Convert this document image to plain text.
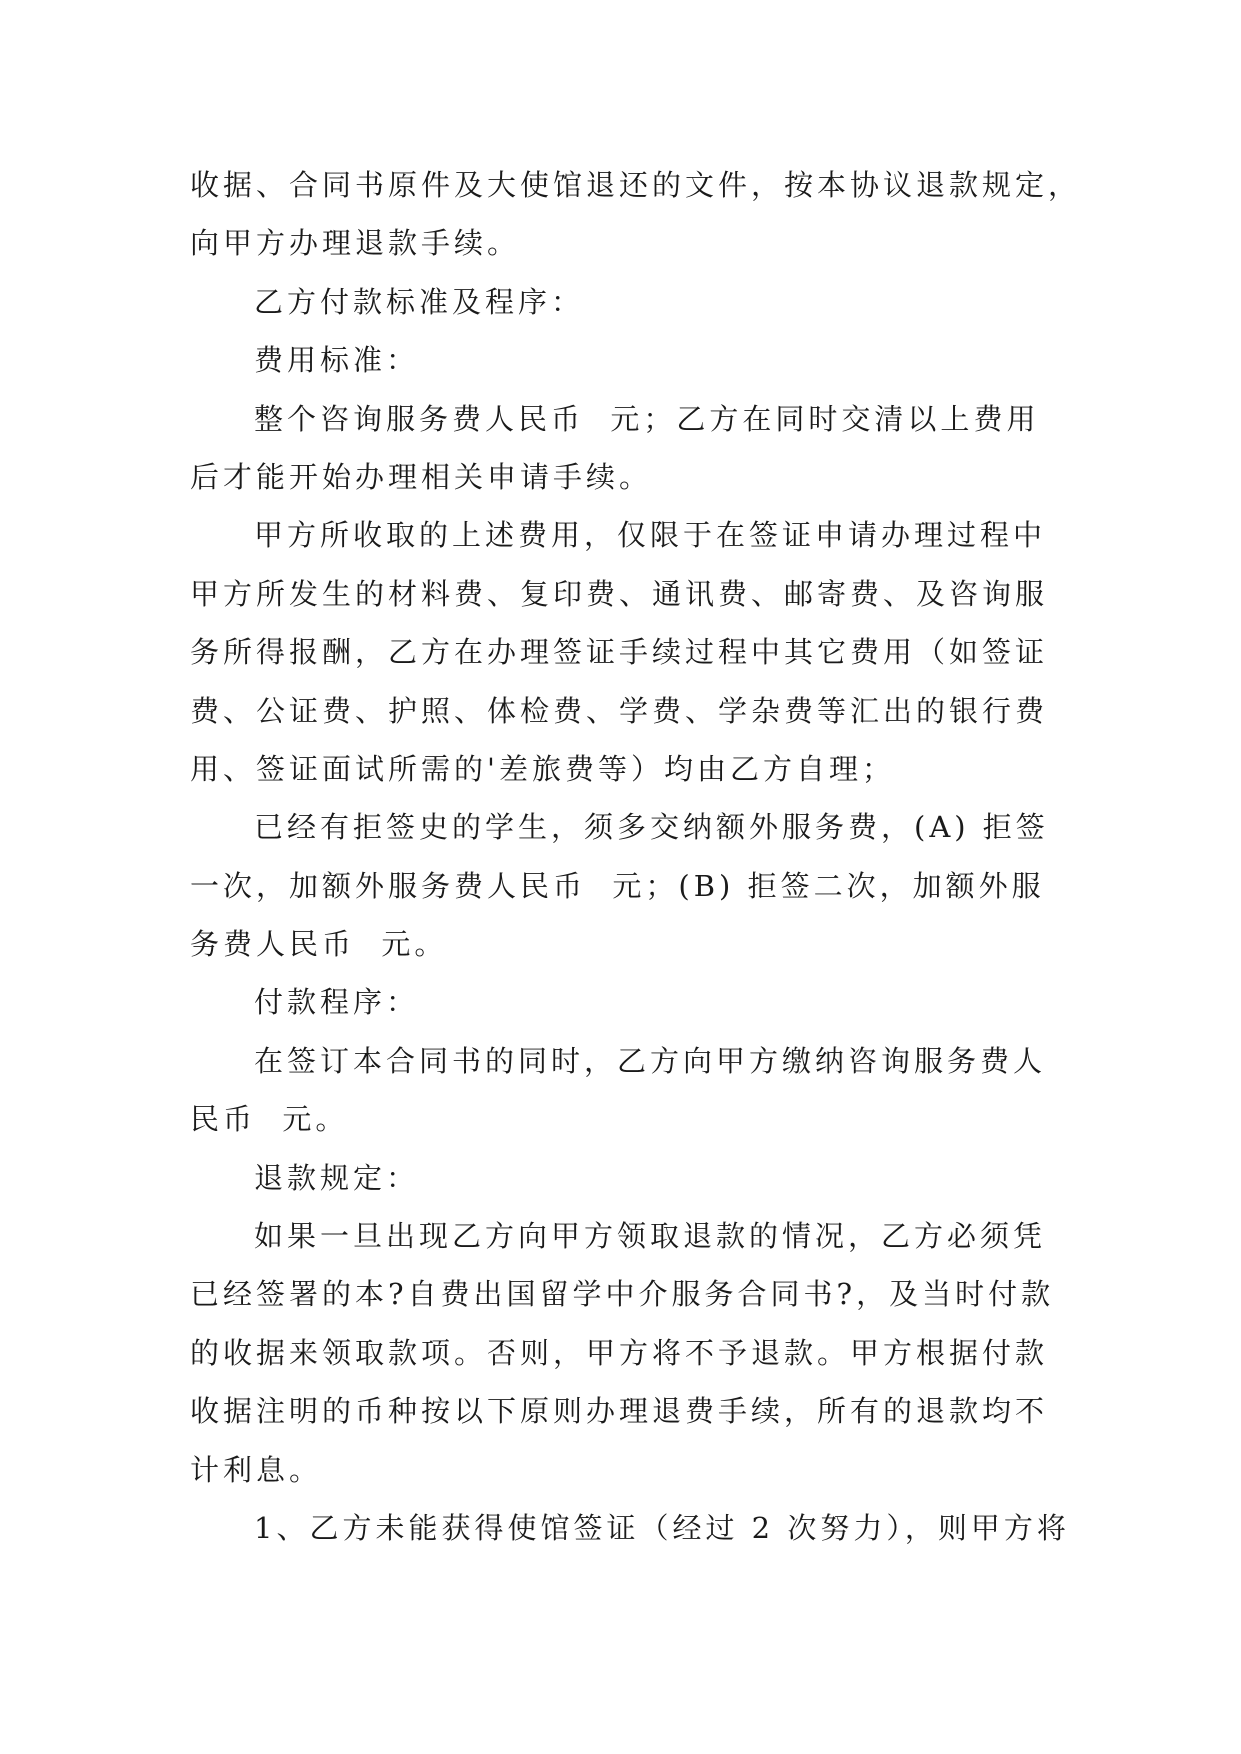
收据、合同书原件及大使馆退还的文件，按本协议退款规定，
向甲方办理退款手续。
乙方付款标准及程序：
费用标准：
整个咨询服务费人民币  元；乙方在同时交清以上费用
后才能开始办理相关申请手续。
甲方所收取的上述费用，仅限于在签证申请办理过程中
甲方所发生的材料费、复印费、通讯费、邮寄费、及咨询服
务所得报酬，乙方在办理签证手续过程中其它费用（如签证
费、公证费、护照、体检费、学费、学杂费等汇出的银行费
用、签证面试所需的'差旅费等）均由乙方自理；
已经有拒签史的学生，须多交纳额外服务费，(A) 拒签
一次，加额外服务费人民币  元；(B) 拒签二次，加额外服
务费人民币  元。
付款程序：
在签订本合同书的同时，乙方向甲方缴纳咨询服务费人
民币  元。
退款规定：
如果一旦出现乙方向甲方领取退款的情况，乙方必须凭
已经签署的本?自费出国留学中介服务合同书?，及当时付款
的收据来领取款项。否则，甲方将不予退款。甲方根据付款
收据注明的币种按以下原则办理退费手续，所有的退款均不
计利息。
1、乙方未能获得使馆签证（经过 2 次努力），则甲方将
